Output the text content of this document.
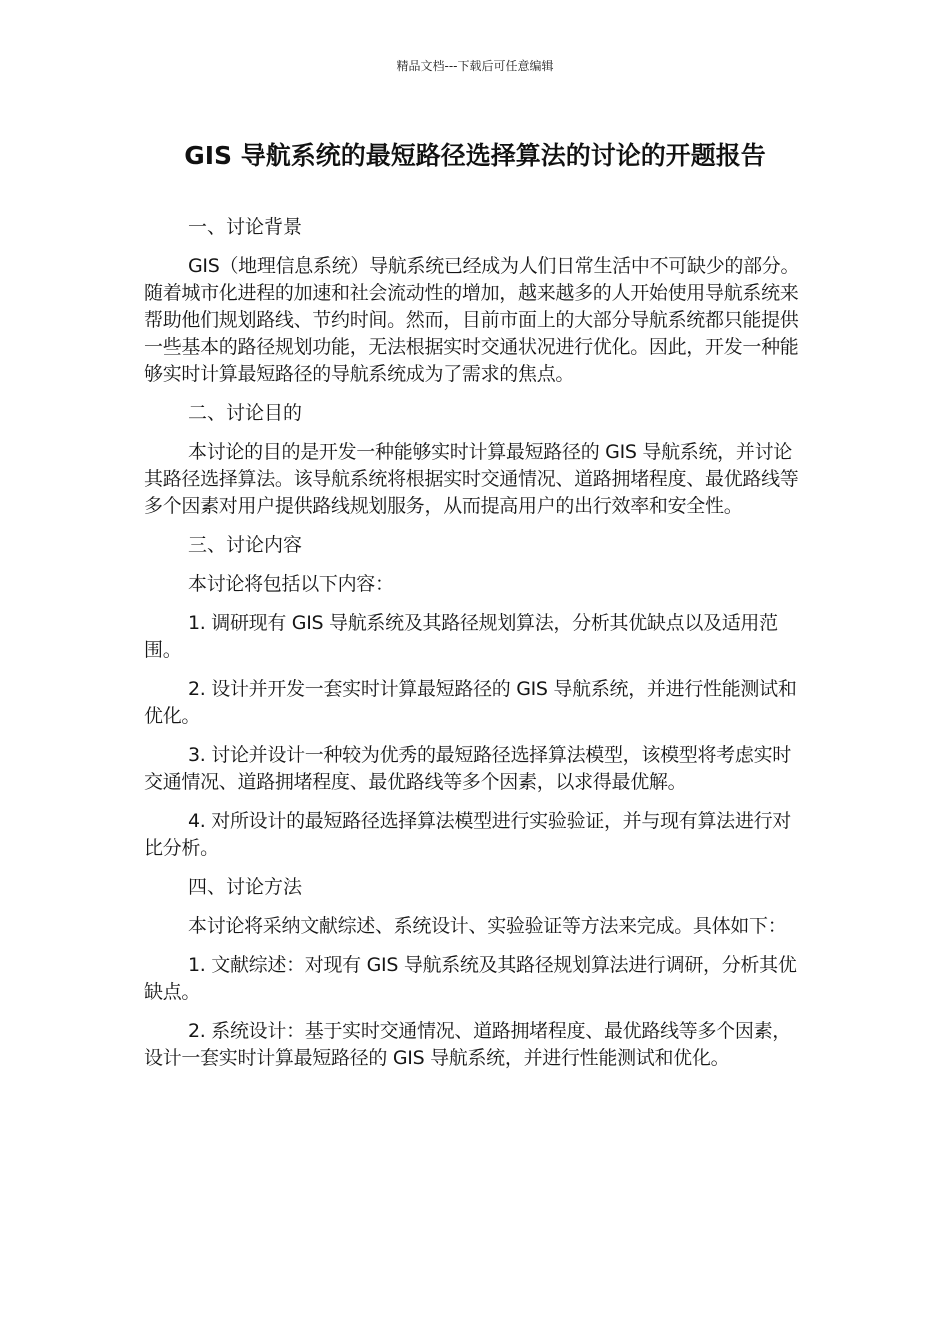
精品文档---下载后可任意编辑
GIS 导航系统的最短路径选择算法的讨论的开题报告

一、讨论背景

GIS（地理信息系统）导航系统已经成为人们日常生活中不可缺少的部分。随着城市化进程的加速和社会流动性的增加，越来越多的人开始使用导航系统来帮助他们规划路线、节约时间。然而，目前市面上的大部分导航系统都只能提供一些基本的路径规划功能，无法根据实时交通状况进行优化。因此，开发一种能够实时计算最短路径的导航系统成为了需求的焦点。

二、讨论目的

本讨论的目的是开发一种能够实时计算最短路径的 GIS 导航系统，并讨论其路径选择算法。该导航系统将根据实时交通情况、道路拥堵程度、最优路线等多个因素对用户提供路线规划服务，从而提高用户的出行效率和安全性。

三、讨论内容

本讨论将包括以下内容：

1. 调研现有 GIS 导航系统及其路径规划算法，分析其优缺点以及适用范围。

2. 设计并开发一套实时计算最短路径的 GIS 导航系统，并进行性能测试和优化。

3. 讨论并设计一种较为优秀的最短路径选择算法模型，该模型将考虑实时交通情况、道路拥堵程度、最优路线等多个因素，以求得最优解。

4. 对所设计的最短路径选择算法模型进行实验验证，并与现有算法进行对比分析。

四、讨论方法

本讨论将采纳文献综述、系统设计、实验验证等方法来完成。具体如下：

1. 文献综述：对现有 GIS 导航系统及其路径规划算法进行调研，分析其优缺点。

2. 系统设计：基于实时交通情况、道路拥堵程度、最优路线等多个因素，设计一套实时计算最短路径的 GIS 导航系统，并进行性能测试和优化。
